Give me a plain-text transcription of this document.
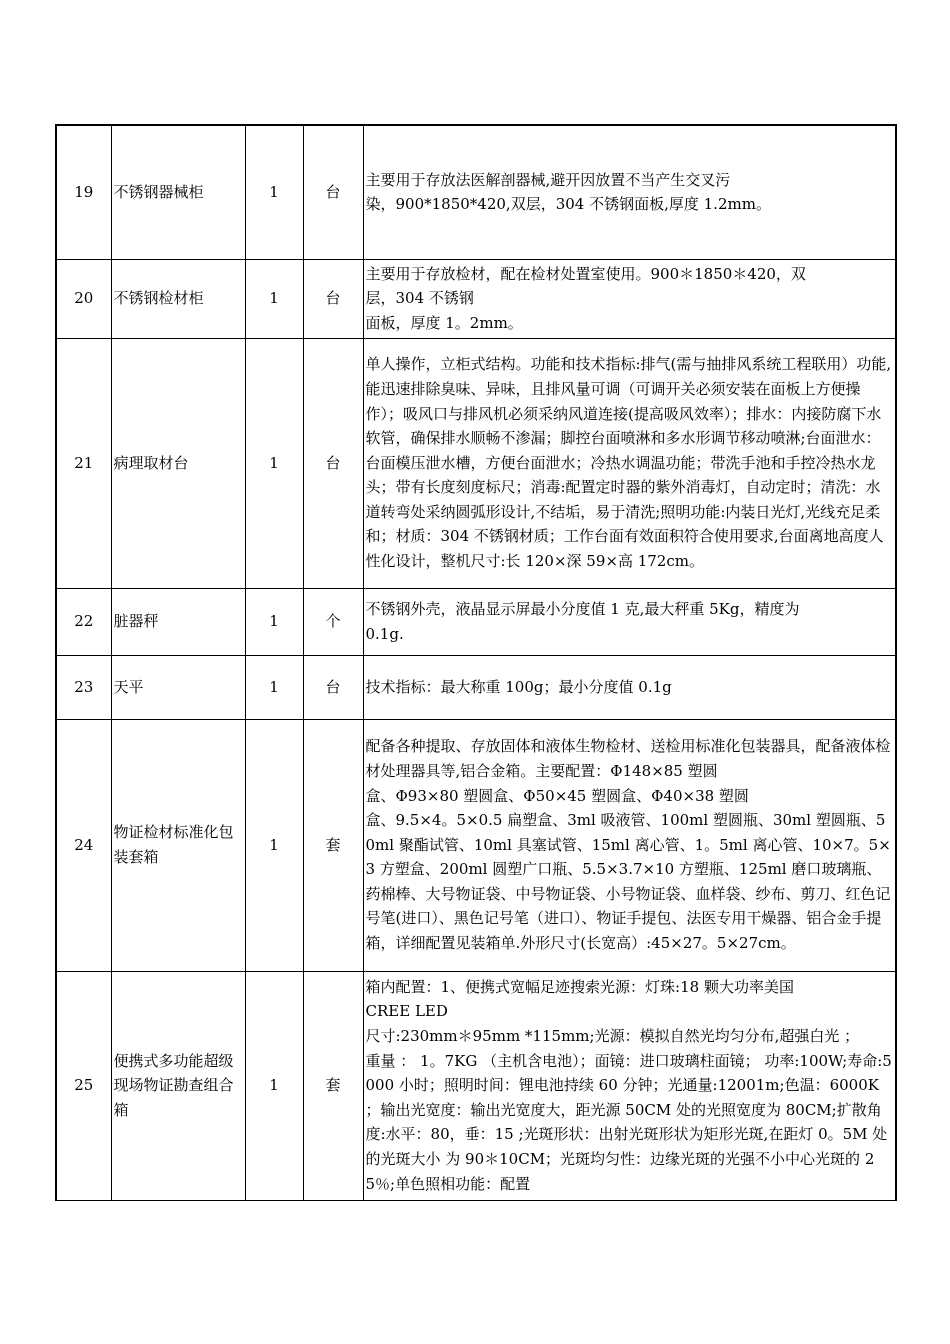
19	不锈钢器械柜	1	台	主要用于存放法医解剖器械,避开因放置不当产生交叉污
染，900*1850*420,双层，304 不锈钢面板,厚度 1.2mm。

20	不锈钢检材柜	1	台	主要用于存放检材，配在检材处置室使用。900＊1850＊420，双
层，304 不锈钢
面板，厚度 1。2mm。

21	病理取材台	1	台	单人操作，立柜式结构。功能和技术指标:排气(需与抽排风系统工程联用）功能,能迅速排除臭味、异味，且排风量可调（可调开关必须安装在面板上方便操作）；吸风口与排风机必须采纳风道连接(提高吸风效率）；排水：内接防腐下水软管，确保排水顺畅不渗漏；脚控台面喷淋和多水形调节移动喷淋;台面泄水：台面模压泄水槽，方便台面泄水；冷热水调温功能；带洗手池和手控冷热水龙头；带有长度刻度标尺；消毒:配置定时器的紫外消毒灯，自动定时；清洗：水道转弯处采纳圆弧形设计,不结垢，易于清洗;照明功能:内装日光灯,光线充足柔和；材质：304 不锈钢材质；工作台面有效面积符合使用要求,台面离地高度人性化设计，整机尺寸:长 120×深 59×高 172cm。

22	脏器秤	1	个	不锈钢外壳，液晶显示屏最小分度值 1 克,最大秤重 5Kg，精度为
0.1g.

23	天平	1	台	技术指标：最大称重 100g；最小分度值 0.1g

24	物证检材标准化包装套箱	1	套	配备各种提取、存放固体和液体生物检材、送检用标准化包装器具，配备液体检材处理器具等,铝合金箱。主要配置：Φ148×85 塑圆
盒、Φ93×80 塑圆盒、Φ50×45 塑圆盒、Φ40×38 塑圆
盒、9.5×4。5×0.5 扁塑盒、3ml 吸液管、100ml 塑圆瓶、30ml 塑圆瓶、50ml 聚酯试管、10ml 具塞试管、15ml 离心管、1。5ml 离心管、10×7。5×3 方塑盒、200ml 圆塑广口瓶、5.5×3.7×10 方塑瓶、125ml 磨口玻璃瓶、药棉棒、大号物证袋、中号物证袋、小号物证袋、血样袋、纱布、剪刀、红色记号笔(进口）、黑色记号笔（进口）、物证手提包、法医专用干燥器、铝合金手提箱，详细配置见装箱单.外形尺寸(长宽高）:45×27。5×27cm。

25	便携式多功能超级现场物证勘查组合箱	1	套	箱内配置：1、便携式宽幅足迹搜索光源：灯珠:18 颗大功率美国
CREE LED
尺寸:230mm＊95mm *115mm;光源：模拟自然光均匀分布,超强白光 ；
重量 ： 1。7KG （主机含电池）；面镜：进口玻璃柱面镜； 功率:100W;寿命:5000 小时；照明时间：锂电池持续 60 分钟；光通量:12001m;色温：6000K ；输出光宽度：输出光宽度大，距光源 50CM 处的光照宽度为 80CM;扩散角度:水平：80，垂：15 ;光斑形状：出射光斑形状为矩形光斑,在距灯 0。5M 处的光斑大小 为 90＊10CM；光斑均匀性：边缘光斑的光强不小中心光斑的 25％;单色照相功能：配置
